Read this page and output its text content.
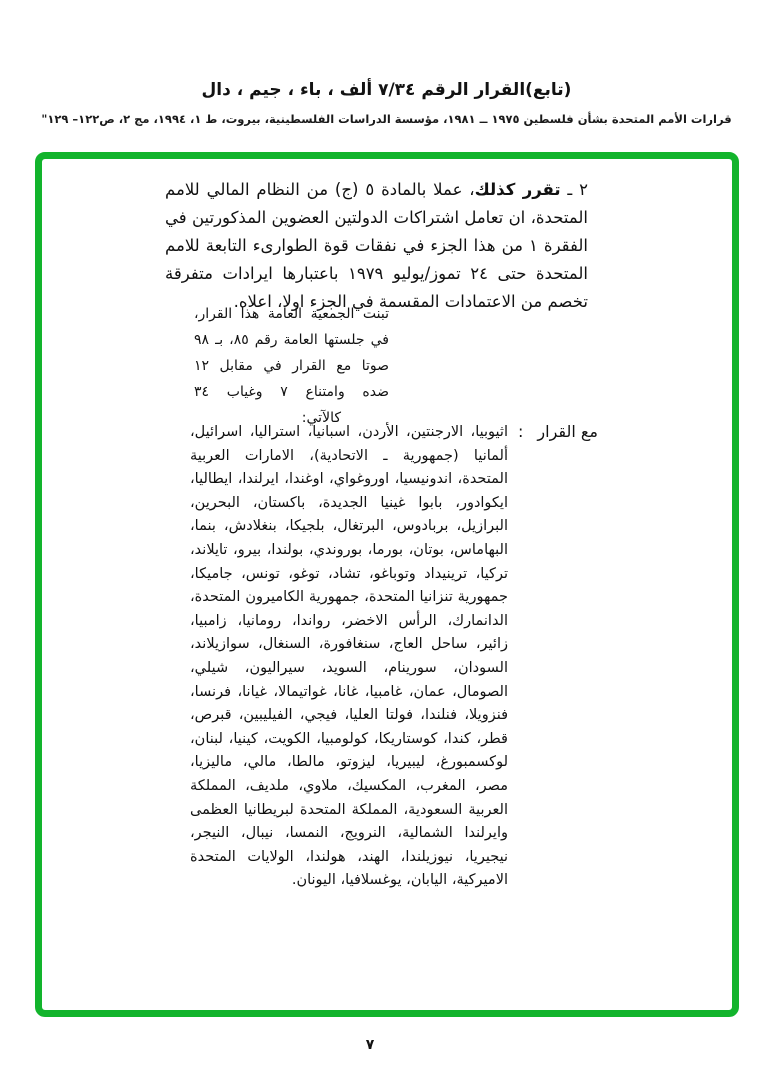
(تابع)القرار الرقم ٧/٣٤ ألف ، باء ، جيم ، دال
قرارات الأمم المتحدة بشأن فلسطين ١٩٧٥ ــ ١٩٨١، مؤسسة الدراسات الفلسطينية، بيروت، ط ١، ١٩٩٤، مج ٢، ص١٢٢– ١٢٩"
٢ ـ تقرر كذلك، عملا بالمادة ٥ (ج) من النظام المالي للامم المتحدة، ان تعامل اشتراكات الدولتين العضوين المذكورتين في الفقرة ١ من هذا الجزء في نفقات قوة الطوارىء التابعة للامم المتحدة حتى ٢٤ تموز/يوليو ١٩٧٩ باعتبارها ايرادات متفرقة تخصم من الاعتمادات المقسمة في الجزء اولا، اعلاه.
تبنت الجمعية العامة هذا القرار، في جلستها العامة رقم ٨٥، بـ ٩٨ صوتا مع القرار في مقابل ١٢ ضده وامتناع ٧ وغياب ٣٤
كالآتي:
مع القرار
:
اثيوبيا، الارجنتين، الأردن، اسبانيا، استراليا، اسرائيل، ألمانيا (جمهورية ـ الاتحادية)، الامارات العربية المتحدة، اندونيسيا، اوروغواي، اوغندا، ايرلندا، ايطاليا، ايكوادور، بابوا غينيا الجديدة، باكستان، البحرين، البرازيل، بربادوس، البرتغال، بلجيكا، بنغلادش، بنما، البهاماس، بوتان، بورما، بوروندي، بولندا، بيرو، تايلاند، تركيا، ترينيداد وتوباغو، تشاد، توغو، تونس، جاميكا، جمهورية تنزانيا المتحدة، جمهورية الكاميرون المتحدة، الدانمارك، الرأس الاخضر، رواندا، رومانيا، زامبيا، زائير، ساحل العاج، سنغافورة، السنغال، سوازيلاند، السودان، سورينام، السويد، سيراليون، شيلي، الصومال، عمان، غامبيا، غانا، غواتيمالا، غيانا، فرنسا، فنزويلا، فنلندا، فولتا العليا، فيجي، الفيليبين، قبرص، قطر، كندا، كوستاريكا، كولومبيا، الكويت، كينيا، لبنان، لوكسمبورغ، ليبيريا، ليزوتو، مالطا، مالي، ماليزيا، مصر، المغرب، المكسيك، ملاوي، ملديف، المملكة العربية السعودية، المملكة المتحدة لبريطانيا العظمى وايرلندا الشمالية، النرويج، النمسا، نيبال، النيجر، نيجيريا، نيوزيلندا، الهند، هولندا، الولايات المتحدة الاميركية، اليابان، يوغسلافيا، اليونان.
٧
